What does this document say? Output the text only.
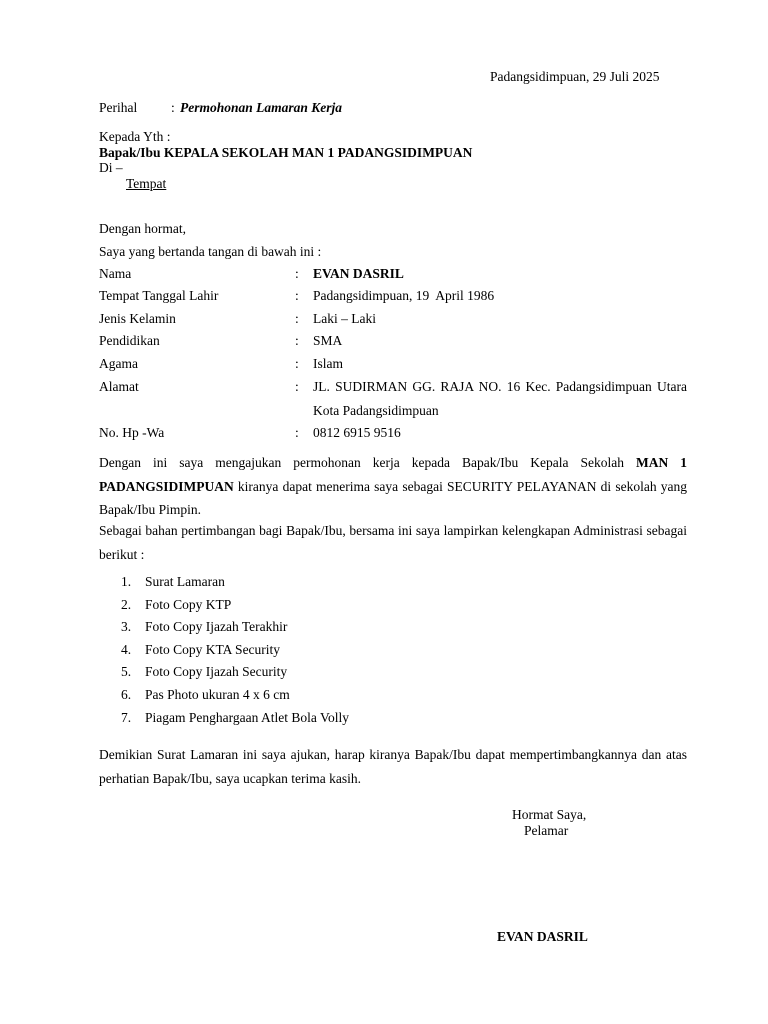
Padangsidimpuan, 29 Juli 2025
Perihal	: Permohonan Lamaran Kerja
Kepada Yth :
Bapak/Ibu KEPALA SEKOLAH MAN 1 PADANGSIDIMPUAN
Di –
Tempat
Dengan hormat,
Saya yang bertanda tangan di bawah ini :
Nama	: EVAN DASRIL
Tempat Tanggal Lahir	: Padangsidimpuan, 19  April 1986
Jenis Kelamin	: Laki – Laki
Pendidikan	: SMA
Agama	: Islam
Alamat	: JL. SUDIRMAN GG. RAJA NO. 16 Kec. Padangsidimpuan Utara Kota Padangsidimpuan
No. Hp -Wa	: 0812 6915 9516
Dengan ini saya mengajukan permohonan kerja kepada Bapak/Ibu Kepala Sekolah MAN 1 PADANGSIDIMPUAN kiranya dapat menerima saya sebagai SECURITY PELAYANAN di sekolah yang Bapak/Ibu Pimpin.
Sebagai bahan pertimbangan bagi Bapak/Ibu, bersama ini saya lampirkan kelengkapan Administrasi sebagai berikut :
1. Surat Lamaran
2. Foto Copy KTP
3. Foto Copy Ijazah Terakhir
4. Foto Copy KTA Security
5. Foto Copy Ijazah Security
6. Pas Photo ukuran 4 x 6 cm
7. Piagam Penghargaan Atlet Bola Volly
Demikian Surat Lamaran ini saya ajukan, harap kiranya Bapak/Ibu dapat mempertimbangkannya dan atas perhatian Bapak/Ibu, saya ucapkan terima kasih.
Hormat Saya,
Pelamar
EVAN DASRIL
